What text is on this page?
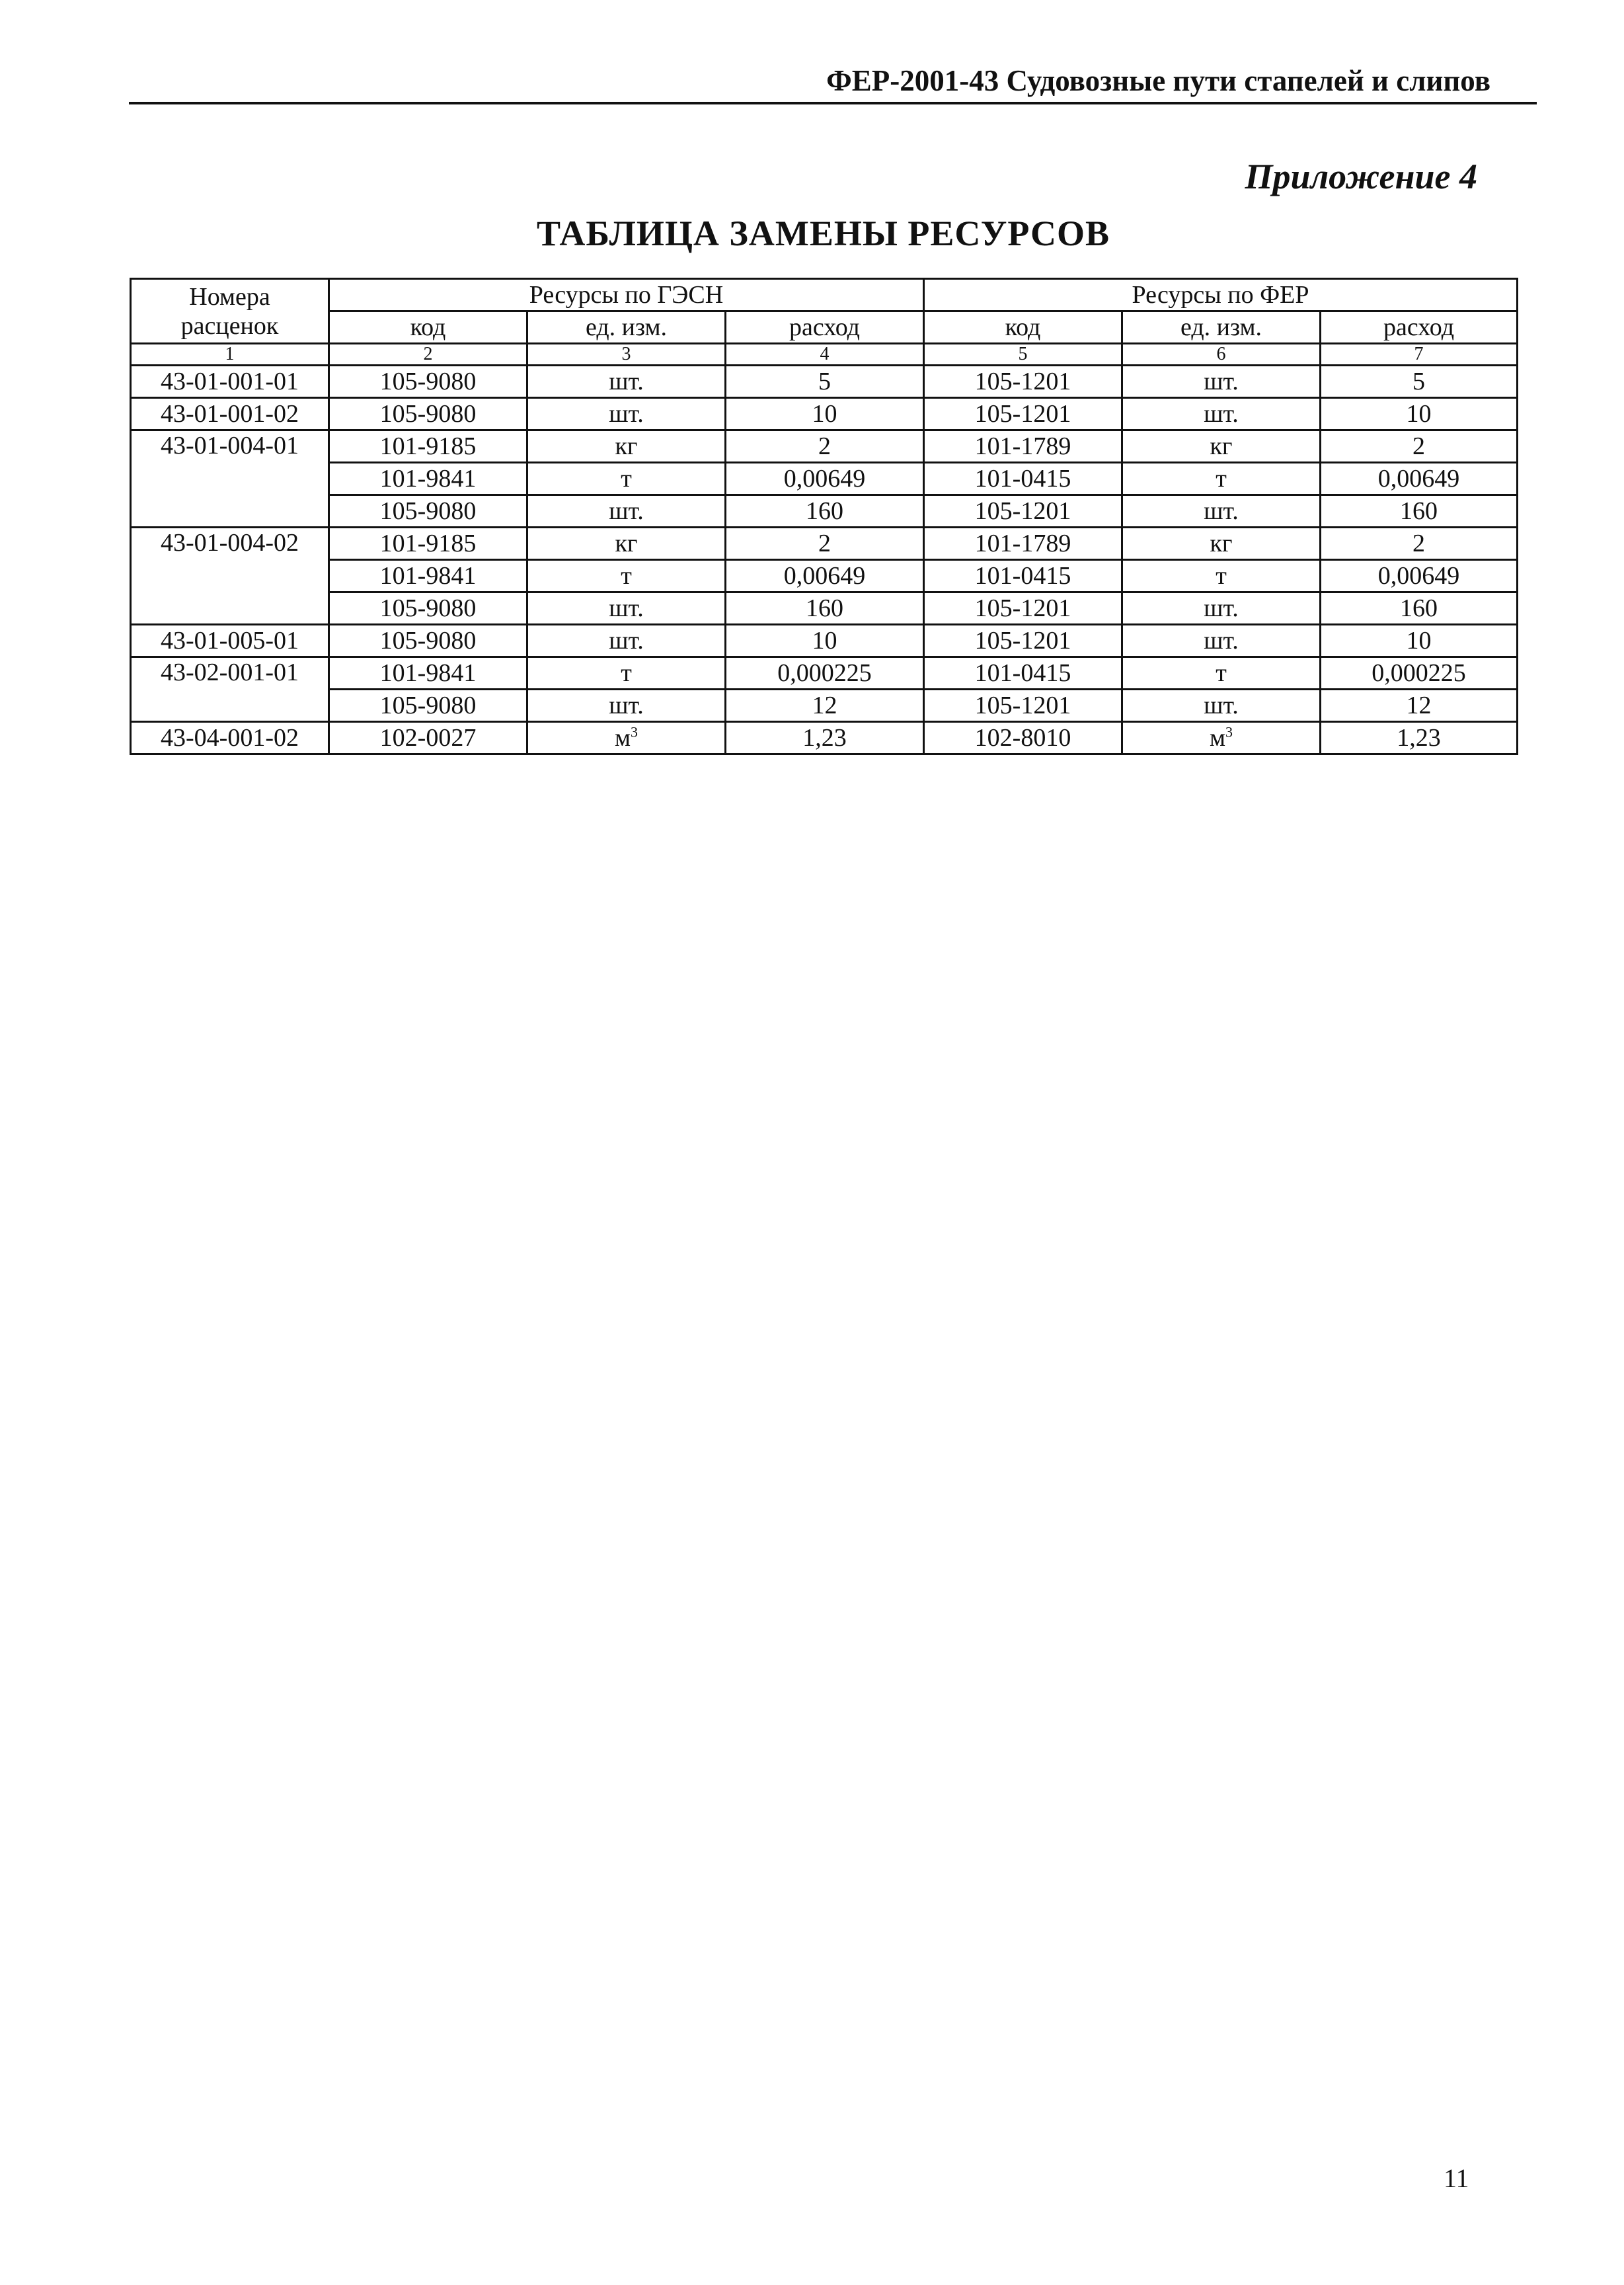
ФЕР-2001-43 Судовозные пути стапелей и слипов
Приложение 4
ТАБЛИЦА ЗАМЕНЫ РЕСУРСОВ
Номера
расценок	Ресурсы по ГЭСН			Ресурсы по ФЕР		
	код	ед. изм.	расход	код	ед. изм.	расход
1	2	3	4	5	6	7
43-01-001-01	105-9080	шт.	5	105-1201	шт.	5
43-01-001-02	105-9080	шт.	10	105-1201	шт.	10
43-01-004-01	101-9185	кг	2	101-1789	кг	2
	101-9841	т	0,00649	101-0415	т	0,00649
	105-9080	шт.	160	105-1201	шт.	160
43-01-004-02	101-9185	кг	2	101-1789	кг	2
	101-9841	т	0,00649	101-0415	т	0,00649
	105-9080	шт.	160	105-1201	шт.	160
43-01-005-01	105-9080	шт.	10	105-1201	шт.	10
43-02-001-01	101-9841	т	0,000225	101-0415	т	0,000225
	105-9080	шт.	12	105-1201	шт.	12
43-04-001-02	102-0027	$м^3$	1,23	102-8010	$м^3$	1,23
11
